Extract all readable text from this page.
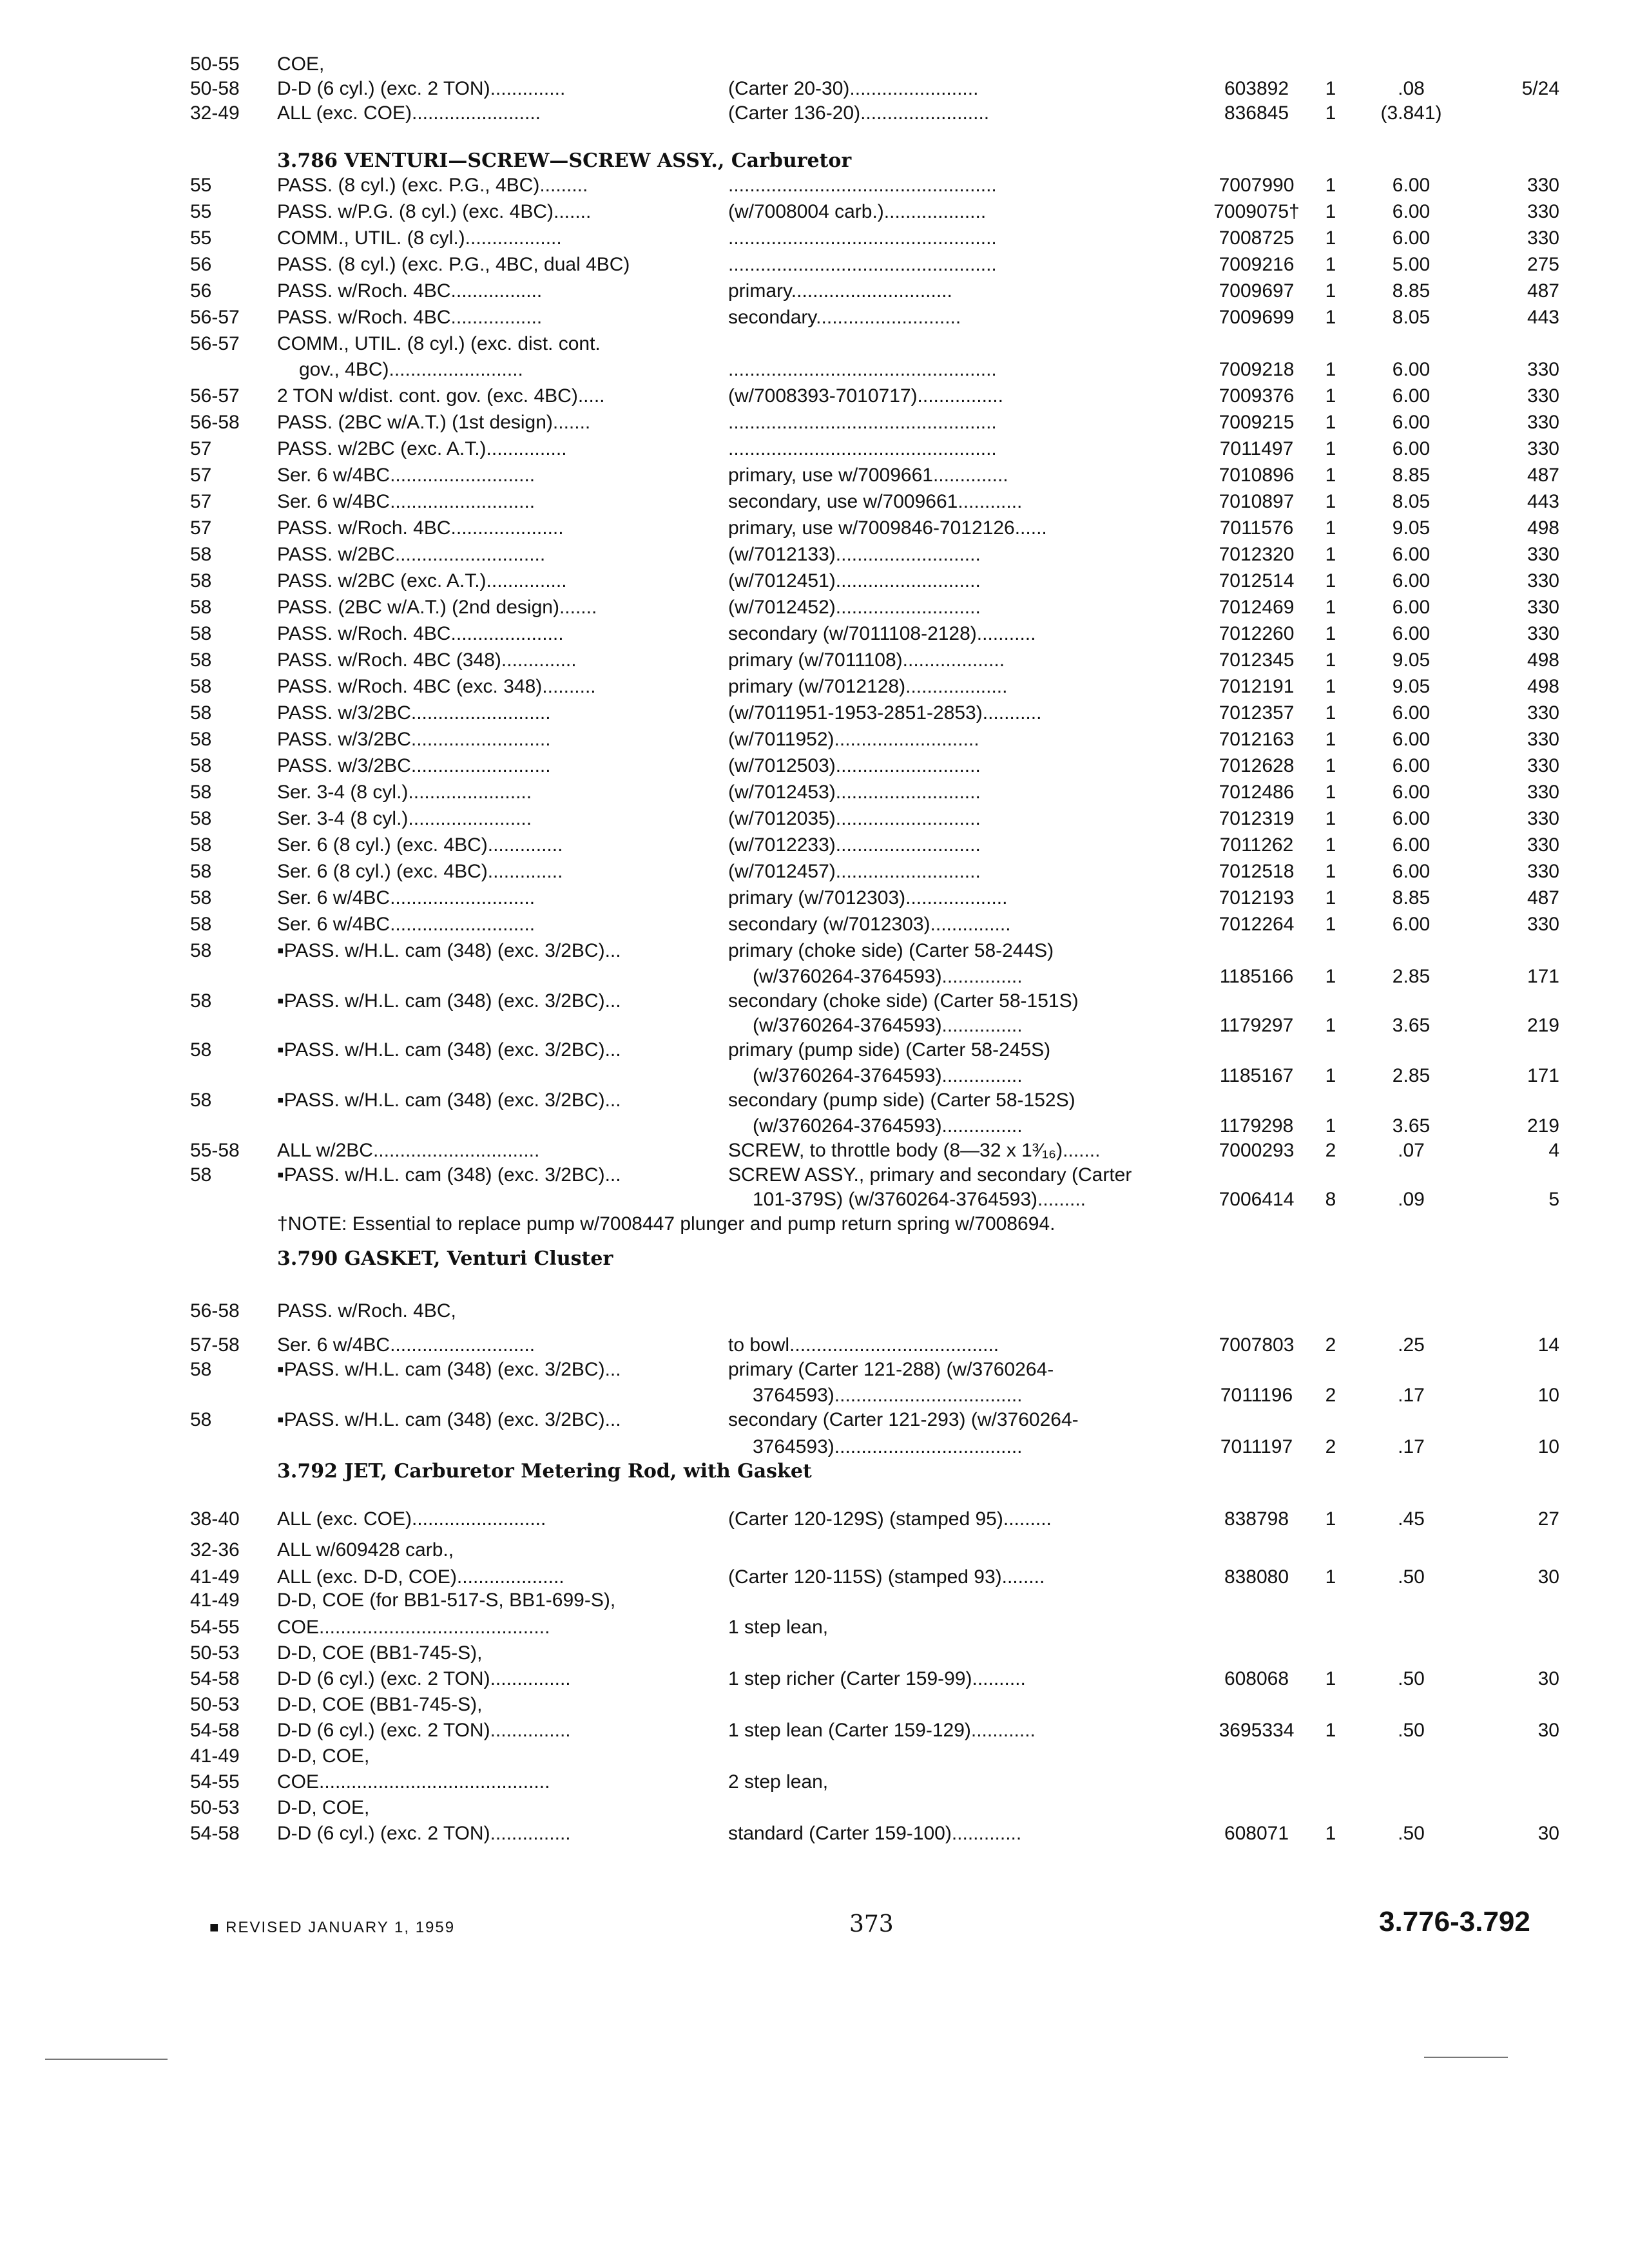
50-55	COE,
50-58	D-D (6 cyl.) (exc. 2 TON)..............	(Carter 20-30)........................	603892	1	.08	5/24
32-49	ALL (exc. COE)........................	(Carter 136-20)........................	836845	1	(3.841)
3.786 VENTURI—SCREW—SCREW ASSY., Carburetor
55	PASS. (8 cyl.) (exc. P.G., 4BC).........	..................................................	7007990	1	6.00	330
55	PASS. w/P.G. (8 cyl.) (exc. 4BC).......	(w/7008004 carb.)...................	7009075†	1	6.00	330
55	COMM., UTIL. (8 cyl.)..................	..................................................	7008725	1	6.00	330
56	PASS. (8 cyl.) (exc. P.G., 4BC, dual 4BC)	..................................................	7009216	1	5.00	275
56	PASS. w/Roch. 4BC.................	primary..............................	7009697	1	8.85	487
56-57	PASS. w/Roch. 4BC.................	secondary...........................	7009699	1	8.05	443
56-57	COMM., UTIL. (8 cyl.) (exc. dist. cont.
gov., 4BC).........................	..................................................	7009218	1	6.00	330
56-57	2 TON w/dist. cont. gov. (exc. 4BC).....	(w/7008393-7010717)................	7009376	1	6.00	330
56-58	PASS. (2BC w/A.T.) (1st design).......	..................................................	7009215	1	6.00	330
57	PASS. w/2BC (exc. A.T.)...............	..................................................	7011497	1	6.00	330
57	Ser. 6 w/4BC...........................	primary, use w/7009661..............	7010896	1	8.85	487
57	Ser. 6 w/4BC...........................	secondary, use w/7009661............	7010897	1	8.05	443
57	PASS. w/Roch. 4BC.....................	primary, use w/7009846-7012126......	7011576	1	9.05	498
58	PASS. w/2BC............................	(w/7012133)...........................	7012320	1	6.00	330
58	PASS. w/2BC (exc. A.T.)...............	(w/7012451)...........................	7012514	1	6.00	330
58	PASS. (2BC w/A.T.) (2nd design).......	(w/7012452)...........................	7012469	1	6.00	330
58	PASS. w/Roch. 4BC.....................	secondary (w/7011108-2128)...........	7012260	1	6.00	330
58	PASS. w/Roch. 4BC (348)..............	primary (w/7011108)...................	7012345	1	9.05	498
58	PASS. w/Roch. 4BC (exc. 348)..........	primary (w/7012128)...................	7012191	1	9.05	498
58	PASS. w/3/2BC..........................	(w/7011951-1953-2851-2853)...........	7012357	1	6.00	330
58	PASS. w/3/2BC..........................	(w/7011952)...........................	7012163	1	6.00	330
58	PASS. w/3/2BC..........................	(w/7012503)...........................	7012628	1	6.00	330
58	Ser. 3-4 (8 cyl.).......................	(w/7012453)...........................	7012486	1	6.00	330
58	Ser. 3-4 (8 cyl.).......................	(w/7012035)...........................	7012319	1	6.00	330
58	Ser. 6 (8 cyl.) (exc. 4BC)..............	(w/7012233)...........................	7011262	1	6.00	330
58	Ser. 6 (8 cyl.) (exc. 4BC)..............	(w/7012457)...........................	7012518	1	6.00	330
58	Ser. 6 w/4BC...........................	primary (w/7012303)...................	7012193	1	8.85	487
58	Ser. 6 w/4BC...........................	secondary (w/7012303)...............	7012264	1	6.00	330
58	▪PASS. w/H.L. cam (348) (exc. 3/2BC)...	primary (choke side) (Carter 58-244S)
(w/3760264-3764593)...............	1185166	1	2.85	171
58	▪PASS. w/H.L. cam (348) (exc. 3/2BC)...	secondary (choke side) (Carter 58-151S)
(w/3760264-3764593)...............	1179297	1	3.65	219
58	▪PASS. w/H.L. cam (348) (exc. 3/2BC)...	primary (pump side) (Carter 58-245S)
(w/3760264-3764593)...............	1185167	1	2.85	171
58	▪PASS. w/H.L. cam (348) (exc. 3/2BC)...	secondary (pump side) (Carter 58-152S)
(w/3760264-3764593)...............	1179298	1	3.65	219
55-58	ALL w/2BC...............................	SCREW, to throttle body (8—32 x 1³⁄₁₆).......	7000293	2	.07	4
58	▪PASS. w/H.L. cam (348) (exc. 3/2BC)...	SCREW ASSY., primary and secondary (Carter
101-379S) (w/3760264-3764593).........	7006414	8	.09	5
†NOTE: Essential to replace pump w/7008447 plunger and pump return spring w/7008694.
3.790 GASKET, Venturi Cluster
56-58	PASS. w/Roch. 4BC,
57-58	Ser. 6 w/4BC...........................	to bowl.......................................	7007803	2	.25	14
58	▪PASS. w/H.L. cam (348) (exc. 3/2BC)...	primary (Carter 121-288) (w/3760264-
3764593)...................................	7011196	2	.17	10
58	▪PASS. w/H.L. cam (348) (exc. 3/2BC)...	secondary (Carter 121-293) (w/3760264-
3764593)...................................	7011197	2	.17	10
3.792 JET, Carburetor Metering Rod, with Gasket
38-40	ALL (exc. COE).........................	(Carter 120-129S) (stamped 95).........	838798	1	.45	27
32-36	ALL w/609428 carb.,
41-49	ALL (exc. D-D, COE)....................	(Carter 120-115S) (stamped 93)........	838080	1	.50	30
41-49	D-D, COE (for BB1-517-S, BB1-699-S),
54-55	COE...........................................	1 step lean,
50-53	D-D, COE (BB1-745-S),
54-58	D-D (6 cyl.) (exc. 2 TON)...............	1 step richer (Carter 159-99)..........	608068	1	.50	30
50-53	D-D, COE (BB1-745-S),
54-58	D-D (6 cyl.) (exc. 2 TON)...............	1 step lean (Carter 159-129)............	3695334	1	.50	30
41-49	D-D, COE,
54-55	COE...........................................	2 step lean,
50-53	D-D, COE,
54-58	D-D (6 cyl.) (exc. 2 TON)...............	standard (Carter 159-100).............	608071	1	.50	30
■ REVISED JANUARY 1, 1959	373	3.776-3.792
